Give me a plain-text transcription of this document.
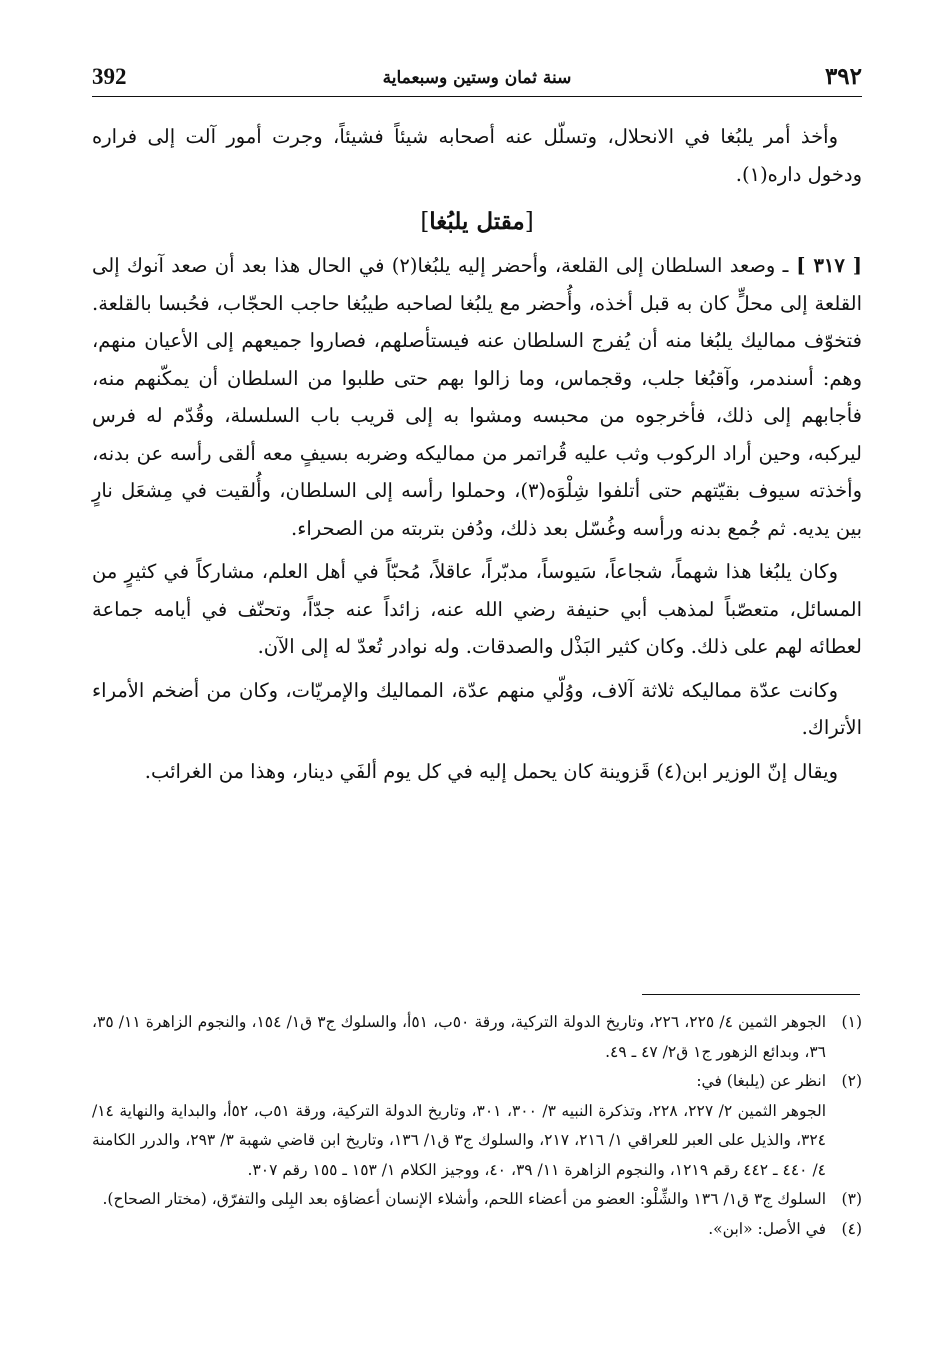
392	سنة ثمان وستين وسبعماية	٣٩٢

وأخذ أمر يلبُغا في الانحلال، وتسلّل عنه أصحابه شيئاً فشيئاً، وجرت أمور آلت إلى فراره ودخول داره(١).

[مقتل يلبُغا]

[ ٣١٧ ] ـ وصعد السلطان إلى القلعة، وأحضر إليه يلبُغا(٢) في الحال هذا بعد أن صعد آنوك إلى القلعة إلى محلٍّ كان به قبل أخذه، وأُحضر مع يلبُغا لصاحبه طيبُغا حاجب الحجّاب، فحُبسا بالقلعة. فتخوّف مماليك يلبُغا منه أن يُفرج السلطان عنه فيستأصلهم، فصاروا جميعهم إلى الأعيان منهم، وهم: أسندمر، وآقبُغا جلب، وقجماس، وما زالوا بهم حتى طلبوا من السلطان أن يمكّنهم منه، فأجابهم إلى ذلك، فأخرجوه من محبسه ومشوا به إلى قريب باب السلسلة، وقُدّم له فرس ليركبه، وحين أراد الركوب وثب عليه قُراتمر من مماليكه وضربه بسيفٍ معه ألقى رأسه عن بدنه، وأخذته سيوف بقيّتهم حتى أتلفوا شِلْوَه(٣)، وحملوا رأسه إلى السلطان، وأُلقيت في مِشعَل نارٍ بين يديه. ثم جُمع بدنه ورأسه وغُسّل بعد ذلك، ودُفن بتربته من الصحراء.

وكان يلبُغا هذا شهماً، شجاعاً، سَيوساً، مدبّراً، عاقلاً، مُحبّاً في أهل العلم، مشاركاً في كثيرٍ من المسائل، متعصّباً لمذهب أبي حنيفة رضي الله عنه، زائداً عنه جدّاً، وتحنّف في أيامه جماعة لعطائه لهم على ذلك. وكان كثير البَذْل والصدقات. وله نوادر تُعدّ له إلى الآن.

وكانت عدّة مماليكه ثلاثة آلاف، ووُلّي منهم عدّة، المماليك والإمريّات، وكان من أضخم الأمراء الأتراك.

ويقال إنّ الوزير ابن(٤) قَزوينة كان يحمل إليه في كل يوم ألفَي دينار، وهذا من الغرائب.

(١)
الجوهر الثمين ٤/ ٢٢٥، ٢٢٦، وتاريخ الدولة التركية، ورقة ٥٠ب، ٥١أ، والسلوك ج٣ ق١/ ١٥٤، والنجوم الزاهرة ١١/ ٣٥، ٣٦، وبدائع الزهور ج١ ق٢/ ٤٧ ـ ٤٩.
(٢)
انظر عن (يلبغا) في:
الجوهر الثمين ٢/ ٢٢٧، ٢٢٨، وتذكرة النبيه ٣/ ٣٠٠، ٣٠١، وتاريخ الدولة التركية، ورقة ٥١ب، ٥٢أ، والبداية والنهاية ١٤/ ٣٢٤، والذيل على العبر للعراقي ١/ ٢١٦، ٢١٧، والسلوك ج٣ ق١/ ١٣٦، وتاريخ ابن قاضي شهبة ٣/ ٢٩٣، والدرر الكامنة ٤/ ٤٤٠ ـ ٤٤٢ رقم ١٢١٩، والنجوم الزاهرة ١١/ ٣٩، ٤٠، ووجيز الكلام ١/ ١٥٣ ـ ١٥٥ رقم ٣٠٧.
(٣)
السلوك ج٣ ق١/ ١٣٦ والشِّلْو: العضو من أعضاء اللحم، وأشلاء الإنسان أعضاؤه بعد البِلى والتفرّق، (مختار الصحاح).
(٤)
في الأصل: «ابن».
